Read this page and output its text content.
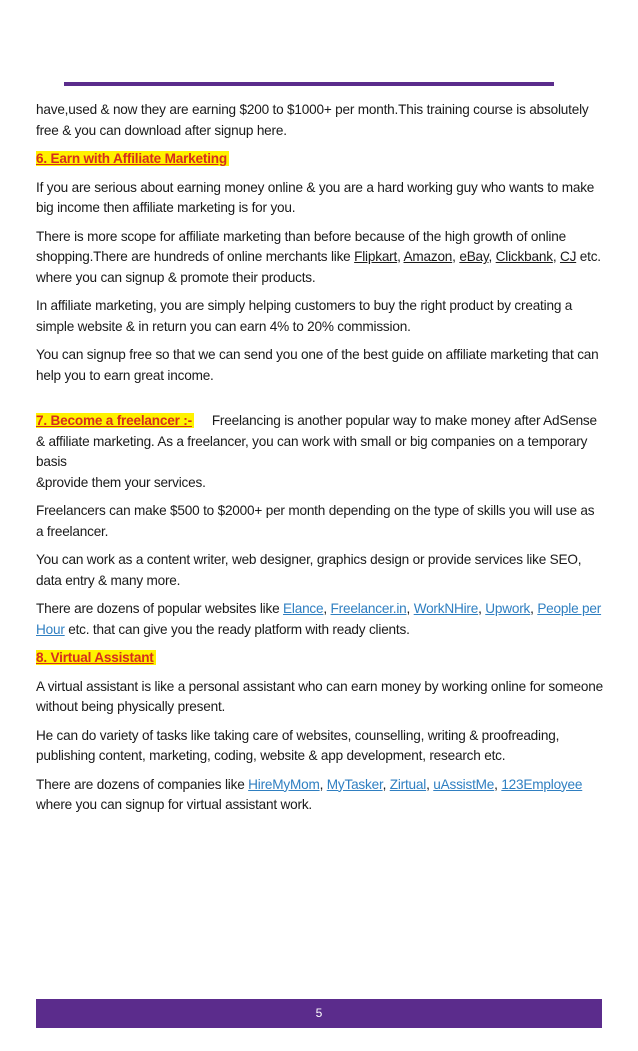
have,used & now they are earning $200 to $1000+ per month.This training course is absolutely free & you can download after signup here.

6. Earn with Affiliate Marketing

If you are serious about earning money online & you are a hard working guy who wants to make big income then affiliate marketing is for you.

There is more scope for affiliate marketing than before because of the high growth of online shopping.There are hundreds of online merchants like Flipkart, Amazon, eBay, Clickbank, CJ etc. where you can signup & promote their products.

In affiliate marketing, you are simply helping customers to buy the right product by creating a simple website & in return you can earn 4% to 20% commission.

You can signup free so that we can send you one of the best guide on affiliate marketing that can help you to earn great income.

7. Become a freelancer :- Freelancing is another popular way to make money after AdSense & affiliate marketing. As a freelancer, you can work with small or big companies on a temporary basis
&provide them your services.

Freelancers can make $500 to $2000+ per month depending on the type of skills you will use as a freelancer.

You can work as a content writer, web designer, graphics design or provide services like SEO, data entry & many more.

There are dozens of popular websites like Elance, Freelancer.in, WorkNHire, Upwork, People per Hour etc. that can give you the ready platform with ready clients.

8. Virtual Assistant

A virtual assistant is like a personal assistant who can earn money by working online for someone without being physically present.

He can do variety of tasks like taking care of websites, counselling, writing & proofreading, publishing content, marketing, coding, website & app development, research etc.

There are dozens of companies like HireMyMom, MyTasker, Zirtual, uAssistMe, 123Employee where you can signup for virtual assistant work.

5
